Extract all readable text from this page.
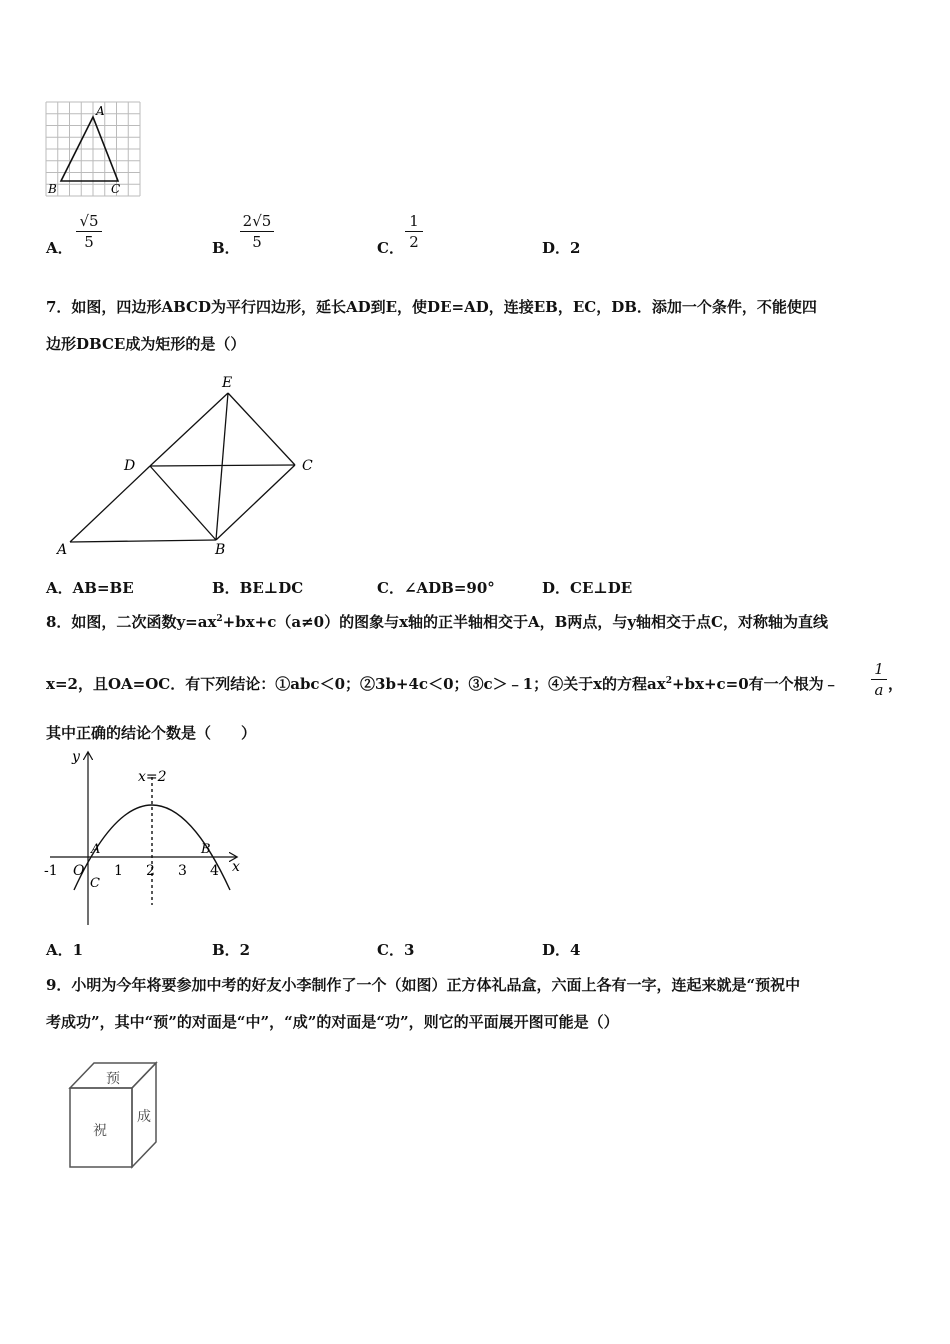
A
B	C
A． $\frac{√5}{5}$	B． $\frac{2√5}{5}$	C． $\frac{1}{2}$	D．2
7．如图，四边形ABCD为平行四边形，延长AD到E，使DE=AD，连接EB，EC，DB．添加一个条件，不能使四
边形DBCE成为矩形的是（）
E
D	C
A	B
A．AB=BE	B．BE⊥DC	C．∠ADB=90°	D．CE⊥DE
8．如图，二次函数$y=ax^2+bx+c(a\ne 0)$的图象与x轴的正半轴相交于A，B两点，与y轴相交于点C，对称轴为直线
x=2，且OA=OC．有下列结论：①abc＜0；②3b+4c＜0；③c＞﹣1；④关于x的方程$ax^2+bx+c=0$有一个根为﹣ $\frac{1}{a}$ ，
其中正确的结论个数是（　　）
y
x
x=2
A	B
C
O
-1	1 2 3 4
A．1	B．2	C．3	D．4
9．小明为今年将要参加中考的好友小李制作了一个（如图）正方体礼品盒，六面上各有一字，连起来就是“预祝中
考成功”，其中“预”的对面是“中”，“成”的对面是“功”，则它的平面展开图可能是（）
预
祝
成
